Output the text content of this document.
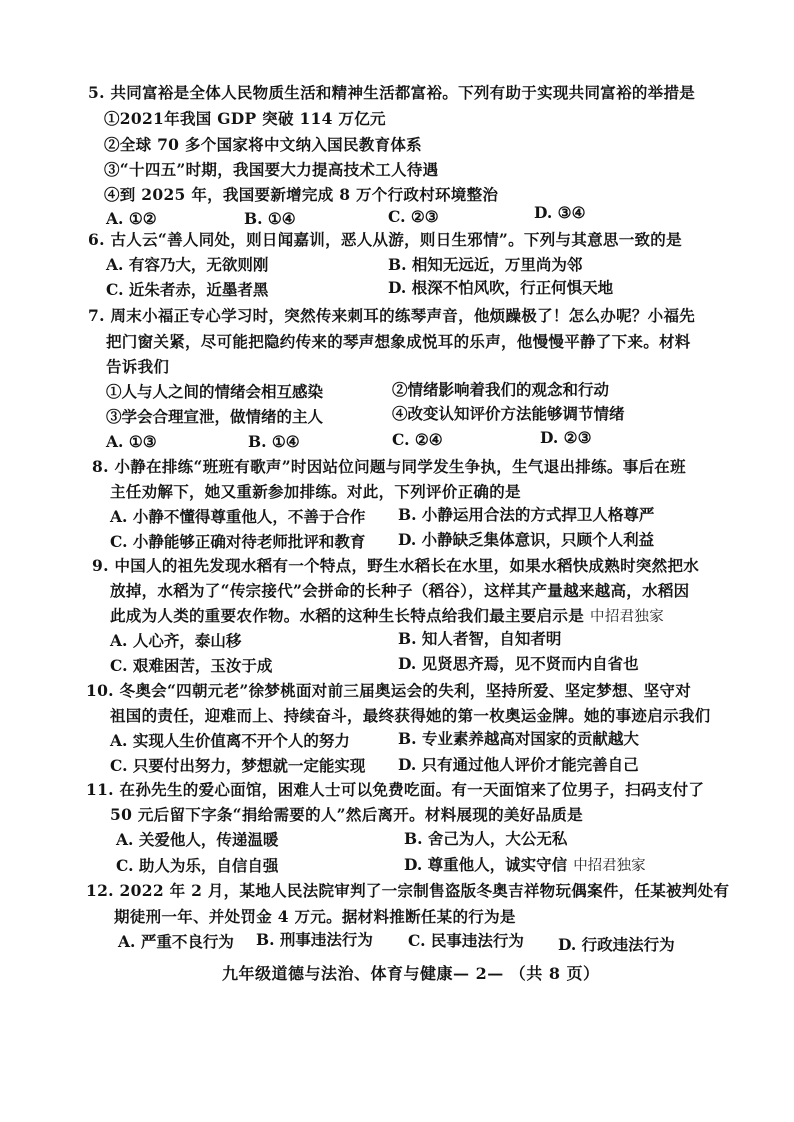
5. 共同富裕是全体人民物质生活和精神生活都富裕。下列有助于实现共同富裕的举措是
①2021年我国 GDP 突破 114 万亿元
②全球 70 多个国家将中文纳入国民教育体系
③“十四五”时期，我国要大力提高技术工人待遇
④到 2025 年，我国要新增完成 8 万个行政村环境整治
A. ①②	B. ①④	C. ②③	D. ③④
6. 古人云“善人同处，则日闻嘉训，恶人从游，则日生邪情”。下列与其意思一致的是
A. 有容乃大，无欲则刚	B. 相知无远近，万里尚为邻
C. 近朱者赤，近墨者黑	D. 根深不怕风吹，行正何惧天地
7. 周末小福正专心学习时，突然传来刺耳的练琴声音，他烦躁极了！怎么办呢？小福先
把门窗关紧，尽可能把隐约传来的琴声想象成悦耳的乐声，他慢慢平静了下来。材料
告诉我们
①人与人之间的情绪会相互感染	②情绪影响着我们的观念和行动
③学会合理宣泄，做情绪的主人	④改变认知评价方法能够调节情绪
A. ①③	B. ①④	C. ②④	D. ②③
8. 小静在排练“班班有歌声”时因站位问题与同学发生争执，生气退出排练。事后在班
主任劝解下，她又重新参加排练。对此，下列评价正确的是
A. 小静不懂得尊重他人，不善于合作 B. 小静运用合法的方式捍卫人格尊严
C. 小静能够正确对待老师批评和教育 D. 小静缺乏集体意识，只顾个人利益
9. 中国人的祖先发现水稻有一个特点，野生水稻长在水里，如果水稻快成熟时突然把水
放掉，水稻为了“传宗接代”会拼命的长种子（稻谷），这样其产量越来越高，水稻因
此成为人类的重要农作物。水稻的这种生长特点给我们最主要启示是 中招君独家
A. 人心齐，泰山移	B. 知人者智，自知者明
C. 艰难困苦，玉汝于成	D. 见贤思齐焉，见不贤而内自省也
10. 冬奥会“四朝元老”徐梦桃面对前三届奥运会的失利，坚持所爱、坚定梦想、坚守对
祖国的责任，迎难而上、持续奋斗，最终获得她的第一枚奥运金牌。她的事迹启示我们
A. 实现人生价值离不开个人的努力	B. 专业素养越高对国家的贡献越大
C. 只要付出努力，梦想就一定能实现 D. 只有通过他人评价才能完善自己
11. 在孙先生的爱心面馆，困难人士可以免费吃面。有一天面馆来了位男子，扫码支付了
50 元后留下字条“捐给需要的人”然后离开。材料展现的美好品质是
A. 关爱他人，传递温暖	B. 舍己为人，大公无私
C. 助人为乐，自信自强	D. 尊重他人，诚实守信 中招君独家
12. 2022 年 2 月，某地人民法院审判了一宗制售盗版冬奥吉祥物玩偶案件，任某被判处有
期徒刑一年、并处罚金 4 万元。据材料推断任某的行为是
A. 严重不良行为 B. 刑事违法行为 C. 民事违法行为 D. 行政违法行为
九年级道德与法治、体育与健康— 2— （共 8 页）
